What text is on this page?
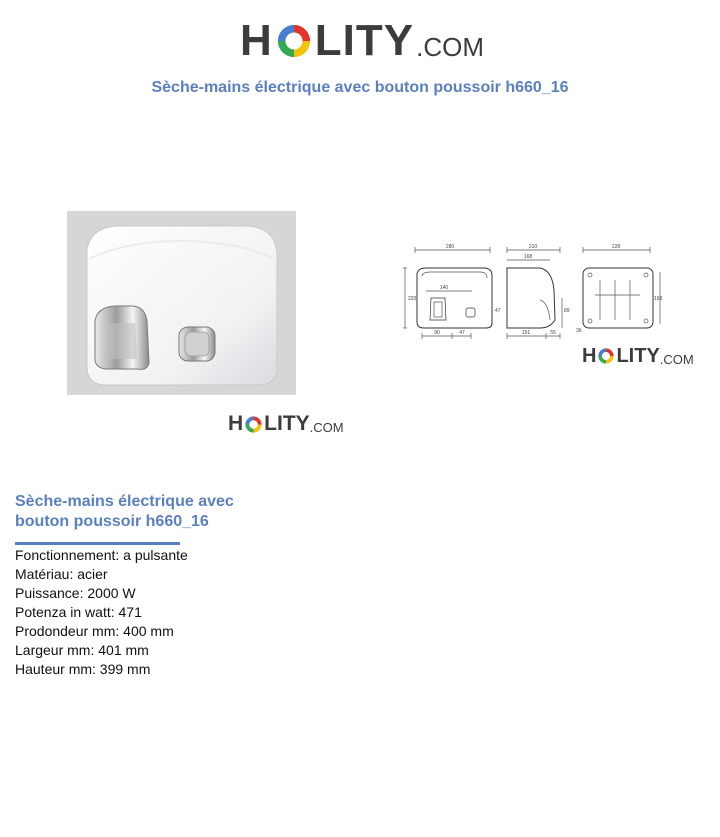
H LITY .COM
Sèche-mains électrique avec bouton poussoir h660_16
H LITY .COM
280
140
220
90	47
210
168
151	55
47	89
228
168
36
H LITY .COM
Sèche-mains électrique avec
bouton poussoir h660_16
Fonctionnement: a pulsante
Matériau: acier
Puissance: 2000 W
Potenza in watt: 471
Prodondeur mm: 400 mm
Largeur mm: 401 mm
Hauteur mm: 399 mm
